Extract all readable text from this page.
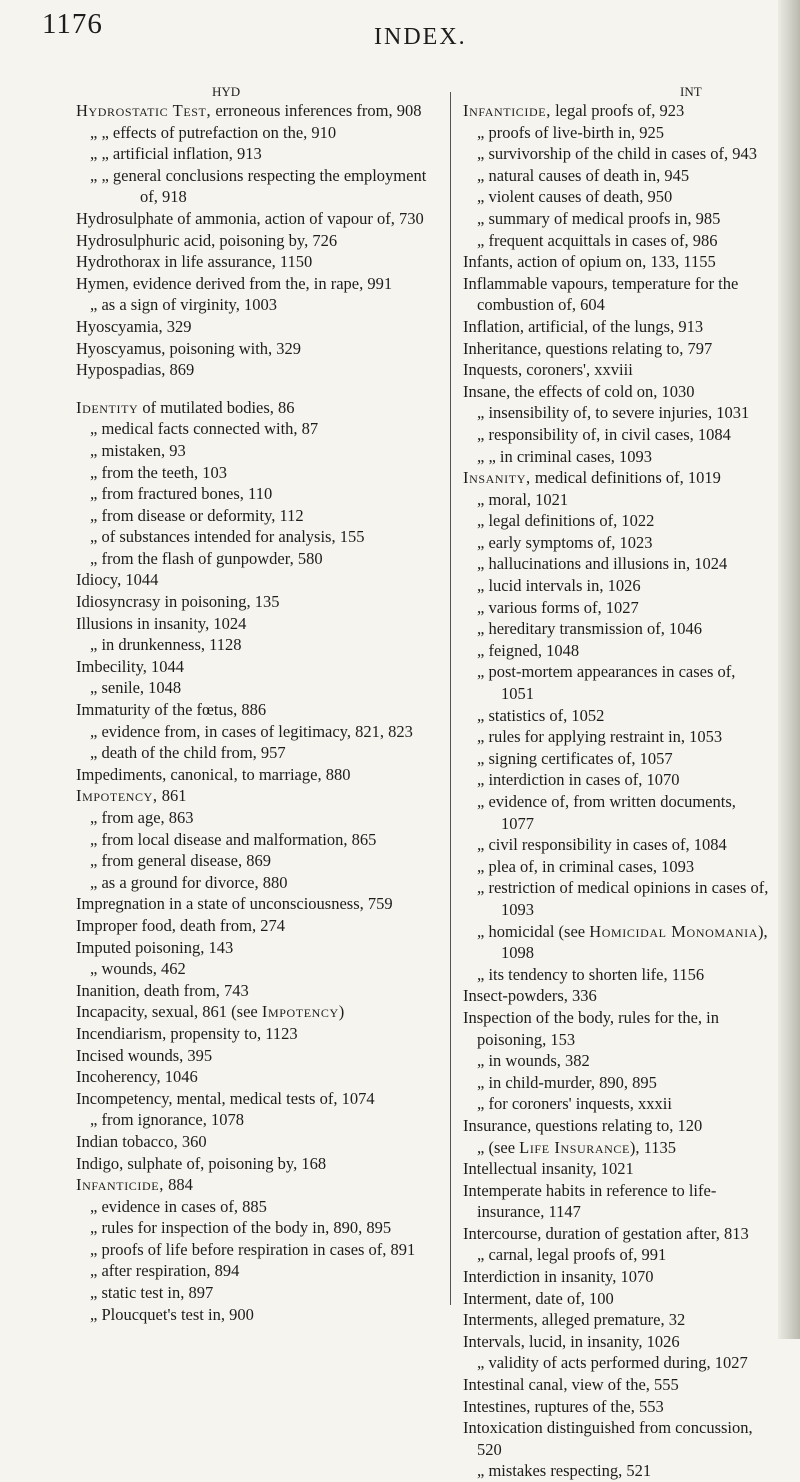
1176	INDEX.
HYD	INT

Hydrostatic Test, erroneous inferences from, 908

„ „ effects of putrefaction on the, 910

„ „ artificial inflation, 913

„ „ general conclusions respecting the employment of, 918

Hydrosulphate of ammonia, action of vapour of, 730

Hydrosulphuric acid, poisoning by, 726

Hydrothorax in life assurance, 1150

Hymen, evidence derived from the, in rape, 991

„ as a sign of virginity, 1003

Hyoscyamia, 329

Hyoscyamus, poisoning with, 329

Hypospadias, 869

Identity of mutilated bodies, 86

„ medical facts connected with, 87

„ mistaken, 93

„ from the teeth, 103

„ from fractured bones, 110

„ from disease or deformity, 112

„ of substances intended for analysis, 155

„ from the flash of gunpowder, 580

Idiocy, 1044

Idiosyncrasy in poisoning, 135

Illusions in insanity, 1024

„ in drunkenness, 1128

Imbecility, 1044

„ senile, 1048

Immaturity of the fœtus, 886

„ evidence from, in cases of legitimacy, 821, 823

„ death of the child from, 957

Impediments, canonical, to marriage, 880

Impotency, 861

„ from age, 863

„ from local disease and malformation, 865

„ from general disease, 869

„ as a ground for divorce, 880

Impregnation in a state of unconsciousness, 759

Improper food, death from, 274

Imputed poisoning, 143

„ wounds, 462

Inanition, death from, 743

Incapacity, sexual, 861 (see Impotency)

Incendiarism, propensity to, 1123

Incised wounds, 395

Incoherency, 1046

Incompetency, mental, medical tests of, 1074

„ from ignorance, 1078

Indian tobacco, 360

Indigo, sulphate of, poisoning by, 168

Infanticide, 884

„ evidence in cases of, 885

„ rules for inspection of the body in, 890, 895

„ proofs of life before respiration in cases of, 891

„ after respiration, 894

„ static test in, 897

„ Ploucquet's test in, 900

Infanticide, legal proofs of, 923

„ proofs of live-birth in, 925

„ survivorship of the child in cases of, 943

„ natural causes of death in, 945

„ violent causes of death, 950

„ summary of medical proofs in, 985

„ frequent acquittals in cases of, 986

Infants, action of opium on, 133, 1155

Inflammable vapours, temperature for the combustion of, 604

Inflation, artificial, of the lungs, 913

Inheritance, questions relating to, 797

Inquests, coroners', xxviii

Insane, the effects of cold on, 1030

„ insensibility of, to severe injuries, 1031

„ responsibility of, in civil cases, 1084

„ „ in criminal cases, 1093

Insanity, medical definitions of, 1019

„ moral, 1021

„ legal definitions of, 1022

„ early symptoms of, 1023

„ hallucinations and illusions in, 1024

„ lucid intervals in, 1026

„ various forms of, 1027

„ hereditary transmission of, 1046

„ feigned, 1048

„ post-mortem appearances in cases of, 1051

„ statistics of, 1052

„ rules for applying restraint in, 1053

„ signing certificates of, 1057

„ interdiction in cases of, 1070

„ evidence of, from written documents, 1077

„ civil responsibility in cases of, 1084

„ plea of, in criminal cases, 1093

„ restriction of medical opinions in cases of, 1093

„ homicidal (see Homicidal Monomania), 1098

„ its tendency to shorten life, 1156

Insect-powders, 336

Inspection of the body, rules for the, in poisoning, 153

„ in wounds, 382

„ in child-murder, 890, 895

„ for coroners' inquests, xxxii

Insurance, questions relating to, 120

„ (see Life Insurance), 1135

Intellectual insanity, 1021

Intemperate habits in reference to life-insurance, 1147

Intercourse, duration of gestation after, 813

„ carnal, legal proofs of, 991

Interdiction in insanity, 1070

Interment, date of, 100

Interments, alleged premature, 32

Intervals, lucid, in insanity, 1026

„ validity of acts performed during, 1027

Intestinal canal, view of the, 555

Intestines, ruptures of the, 553

Intoxication distinguished from concussion, 520

„ mistakes respecting, 521
